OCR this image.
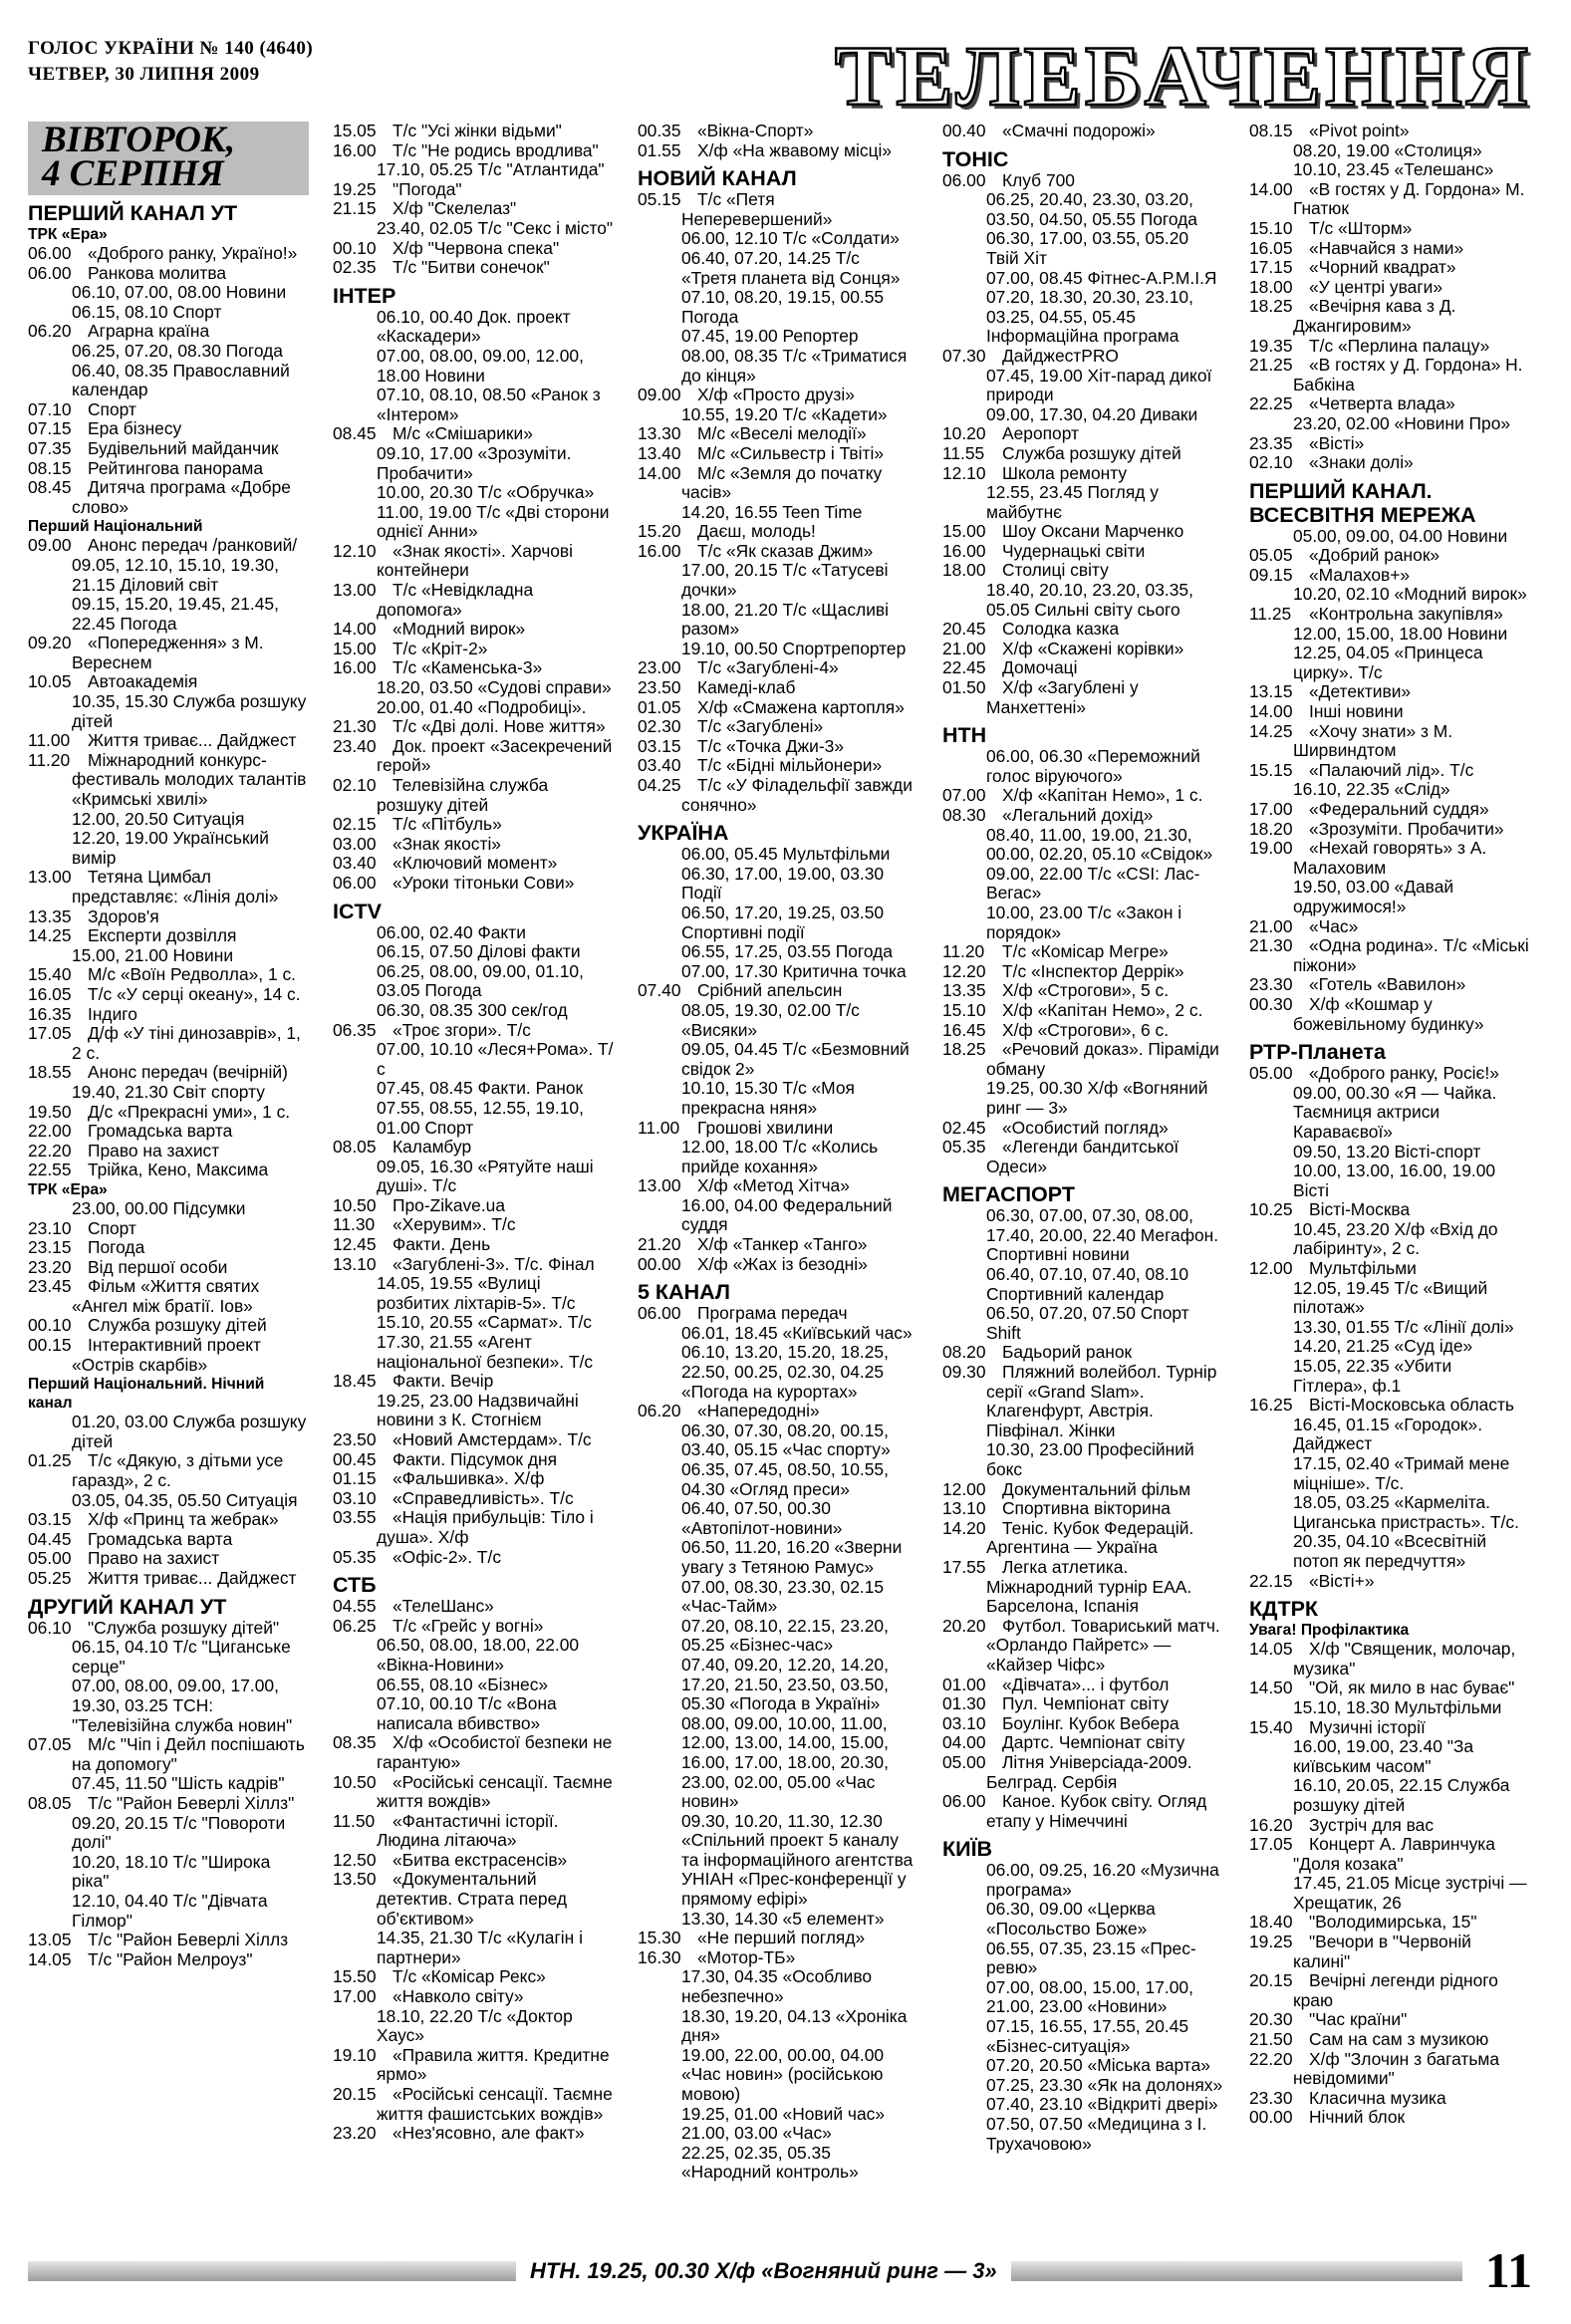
ГОЛОС УКРАЇНИ № 140 (4640)
ЧЕТВЕР, 30 ЛИПНЯ 2009	ТЕЛЕБАЧЕННЯ
ВІВТОРОК,
4 СЕРПНЯ
ПЕРШИЙ КАНАЛ УТ
ТРК «Ера»
06.00 «Доброго ранку, Україно!»
06.00 Ранкова молитва
06.10, 07.00, 08.00 Новини
06.15, 08.10 Спорт
06.20 Аграрна країна
06.25, 07.20, 08.30 Погода
06.40, 08.35 Православний календар
07.10 Спорт
07.15 Ера бізнесу
07.35 Будівельний майданчик
08.15 Рейтингова панорама
08.45 Дитяча програма «Добре слово»
Перший Національний
09.00 Анонс передач /ранковий/
09.05, 12.10, 15.10, 19.30, 21.15 Діловий світ
09.15, 15.20, 19.45, 21.45, 22.45 Погода
09.20 «Попередження» з М. Вереснем
10.05 Автоакадемія
10.35, 15.30 Служба розшуку дітей
11.00	Життя триває... Дайджест
11.20	Міжнародний конкурс-фестиваль молодих талантів «Кримські хвилі»
12.00, 20.50 Ситуація
12.20, 19.00 Український вимір
13.00 Тетяна Цимбал представляє: «Лінія долі»
13.35 Здоров'я
14.25 Експерти дозвілля
15.00, 21.00 Новини
15.40 М/с «Воїн Редволла», 1 с.
16.05 Т/с «У серці океану», 14 с.
16.35 Індиго
17.05 Д/ф «У тіні динозаврів», 1, 2 с.
18.55 Анонс передач (вечірній)
19.40, 21.30 Світ спорту
19.50 Д/с «Прекрасні уми», 1 с.
22.00 Громадська варта
22.20 Право на захист
22.55 Трійка, Кено, Максима
ТРК «Ера»
23.00, 00.00 Підсумки
23.10 Спорт
23.15 Погода
23.20 Від першої особи
23.45 Фільм «Життя святих «Ангел між братії. Іов»
00.10 Служба розшуку дітей
00.15 Інтерактивний проект «Острів скарбів»
Перший Національний. Нічний канал
01.20, 03.00 Служба розшуку дітей
01.25 Т/с «Дякую, з дітьми усе гаразд», 2 с.
03.05, 04.35, 05.50 Ситуація
03.15 Х/ф «Принц та жебрак»
04.45 Громадська варта
05.00 Право на захист
05.25 Життя триває... Дайджест
ДРУГИЙ КАНАЛ УТ
06.10 "Служба розшуку дітей"
06.15, 04.10 Т/с "Циганське серце"
07.00, 08.00, 09.00, 17.00, 19.30, 03.25 ТСН: "Телевізійна служба новин"
07.05 М/с "Чіп і Дейл поспішають на допомогу"
07.45, 11.50 "Шість кадрів"
08.05 Т/с "Район Беверлі Хіллз"
09.20, 20.15 Т/с "Повороти долі"
10.20, 18.10 Т/с "Широка ріка"
12.10, 04.40 Т/с "Дівчата Гілмор"
13.05 Т/с "Район Беверлі Хіллз
14.05 Т/с "Район Мелроуз"
15.05 Т/с "Усі жінки відьми"
16.00 Т/с "Не родись вродлива"
17.10, 05.25 Т/с "Атлантида"
19.25 "Погода"
21.15 Х/ф "Скелелаз"
23.40, 02.05 Т/с "Секс і місто"
00.10 Х/ф "Червона спека"
02.35 Т/с "Битви сонечок"
ІНТЕР
06.10, 00.40 Док. проект «Каскадери»
07.00, 08.00, 09.00, 12.00, 18.00 Новини
07.10, 08.10, 08.50 «Ранок з «Інтером»
08.45 М/с «Смішарики»
09.10, 17.00 «Зрозуміти. Пробачити»
10.00, 20.30 Т/с «Обручка»
11.00, 19.00 Т/с «Дві сторони однієї Анни»
12.10 «Знак якості». Харчові контейнери
13.00 Т/с «Невідкладна допомога»
14.00 «Модний вирок»
15.00 Т/с «Кріт-2»
16.00 Т/с «Каменська-3»
18.20, 03.50 «Судові справи»
20.00, 01.40 «Подробиці».
21.30 Т/с «Дві долі. Нове життя»
23.40 Док. проект «Засекречений герой»
02.10 Телевізійна служба розшуку дітей
02.15 Т/с «Пітбуль»
03.00 «Знак якості»
03.40 «Ключовий момент»
06.00 «Уроки тітоньки Сови»
ICTV
06.00, 02.40 Факти
06.15, 07.50 Ділові факти
06.25, 08.00, 09.00, 01.10, 03.05 Погода
06.30, 08.35 300 сек/год
06.35 «Троє згори». Т/с
07.00, 10.10 «Леся+Рома». Т/с
07.45, 08.45 Факти. Ранок
07.55, 08.55, 12.55, 19.10, 01.00 Спорт
08.05 Каламбур
09.05, 16.30 «Рятуйте наші душі». Т/с
10.50 Про-Zikave.ua
11.30	«Херувим». Т/с
12.45 Факти. День
13.10 «Загублені-3». Т/с. Фінал
14.05, 19.55 «Вулиці розбитих ліхтарів-5». Т/с
15.10, 20.55 «Сармат». Т/с
17.30, 21.55 «Агент національної безпеки». Т/с
18.45 Факти. Вечір
19.25, 23.00 Надзвичайні новини з К. Стогнієм
23.50 «Новий Амстердам». Т/с
00.45 Факти. Підсумок дня
01.15 «Фальшивка». Х/ф
03.10 «Справедливість». Т/с
03.55 «Нація прибульців: Тіло і душа». Х/ф
05.35 «Офіс-2». Т/с
СТБ
04.55 «ТелеШанс»
06.25 Т/с «Грейс у вогні»
06.50, 08.00, 18.00, 22.00 «Вікна-Новини»
06.55, 08.10 «Бізнес»
07.10, 00.10 Т/с «Вона написала вбивство»
08.35 Х/ф «Особистої безпеки не гарантую»
10.50 «Російські сенсації. Таємне життя вождів»
11.50	«Фантастичні історії. Людина літаючa»
12.50 «Битва екстрасенсів»
13.50 «Документальний детектив. Страта перед об'єктивом»
14.35, 21.30 Т/с «Кулагін і партнери»
15.50 Т/с «Комісар Рекс»
17.00 «Навколо світу»
18.10, 22.20 Т/с «Доктор Хаус»
19.10 «Правила життя. Кредитне ярмо»
20.15 «Російські сенсації. Таємне життя фашистських вождів»
23.20 «Нез'ясовно, але факт»
00.35 «Вікна-Спорт»
01.55 Х/ф «На жвавому місці»
НОВИЙ КАНАЛ
05.15 Т/с «Петя Неперевершений»
06.00, 12.10 Т/с «Солдати»
06.40, 07.20, 14.25 Т/с «Третя планета від Сонця»
07.10, 08.20, 19.15, 00.55 Погода
07.45, 19.00 Репортер
08.00, 08.35 Т/с «Триматися до кінця»
09.00 Х/ф «Просто друзі»
10.55, 19.20 Т/с «Кадети»
13.30 М/с «Веселі мелодії»
13.40 М/с «Сильвестр і Твіті»
14.00 М/с «Земля до початку часів»
14.20, 16.55 Teen Time
15.20 Даєш, молодь!
16.00 Т/с «Як сказав Джим»
17.00, 20.15 Т/с «Татусеві дочки»
18.00, 21.20 Т/с «Щасливі разом»
19.10, 00.50 Спортрепортер
23.00 Т/с «Загублені-4»
23.50 Камеді-клаб
01.05 Х/ф «Смажена картопля»
02.30 Т/с «Загублені»
03.15 Т/с «Точка Джи-3»
03.40 Т/с «Бідні мільйонери»
04.25 Т/с «У Філадельфії завжди сонячно»
УКРАЇНА
06.00, 05.45 Мультфільми
06.30, 17.00, 19.00, 03.30 Події
06.50, 17.20, 19.25, 03.50 Спортивні події
06.55, 17.25, 03.55 Погода
07.00, 17.30 Критична точка
07.40 Срібний апельсин
08.05, 19.30, 02.00 Т/с «Висяки»
09.05, 04.45 Т/с «Безмовний свідок 2»
10.10, 15.30 Т/с «Моя прекрасна няня»
11.00	Грошові хвилини
12.00, 18.00 Т/с «Колись прийде кохання»
13.00 Х/ф «Метод Хітча»
16.00, 04.00 Федеральний суддя
21.20 Х/ф «Танкер «Танго»
00.00 Х/ф «Жах із безодні»
5 КАНАЛ
06.00 Програма передач
06.01, 18.45 «Київський час»
06.10, 13.20, 15.20, 18.25, 22.50, 00.25, 02.30, 04.25 «Погода на курортах»
06.20 «Напередодні»
06.30, 07.30, 08.20, 00.15, 03.40, 05.15 «Час спорту»
06.35, 07.45, 08.50, 10.55, 04.30 «Огляд преси»
06.40, 07.50, 00.30 «Автопілот-новини»
06.50, 11.20, 16.20 «Зверни увагу з Тетяною Рамус»
07.00, 08.30, 23.30, 02.15 «Час-Тайм»
07.20, 08.10, 22.15, 23.20, 05.25 «Бізнес-час»
07.40, 09.20, 12.20, 14.20, 17.20, 21.50, 23.50, 03.50, 05.30 «Погода в Україні»
08.00, 09.00, 10.00, 11.00, 12.00, 13.00, 14.00, 15.00, 16.00, 17.00, 18.00, 20.30, 23.00, 02.00, 05.00 «Час новин»
09.30, 10.20, 11.30, 12.30 «Спільний проект 5 каналу та інформаційного агентства УНІАН «Прес-конференції у прямому ефірі»
13.30, 14.30 «5 елемент»
15.30 «Не перший погляд»
16.30 «Мотор-ТБ»
17.30, 04.35 «Особливо небезпечно»
18.30, 19.20, 04.13 «Хроніка дня»
19.00, 22.00, 00.00, 04.00 «Час новин» (російською мовою)
19.25, 01.00 «Новий час»
21.00, 03.00 «Час»
22.25, 02.35, 05.35 «Народний контроль»
00.40 «Смачні подорожі»
ТОНІС
06.00 Клуб 700
06.25, 20.40, 23.30, 03.20, 03.50, 04.50, 05.55 Погода
06.30, 17.00, 03.55, 05.20 Твій Хіт
07.00, 08.45 Фітнес-А.Р.М.І.Я
07.20, 18.30, 20.30, 23.10, 03.25, 04.55, 05.45 Інформаційна програма
07.30 ДайджестPRO
07.45, 19.00 Хіт-парад дикої природи
09.00, 17.30, 04.20 Диваки
10.20 Аеропорт
11.55	Служба розшуку дітей
12.10 Школа ремонту
12.55, 23.45 Погляд у майбутнє
15.00 Шоу Оксани Марченко
16.00 Чудернацькі світи
18.00 Столиці світу
18.40, 20.10, 23.20, 03.35, 05.05 Сильні світу сього
20.45 Солодка казка
21.00 Х/ф «Скажені корівки»
22.45 Домочаці
01.50 Х/ф «Загублені у Манхеттені»
НТН
06.00, 06.30 «Переможний голос віруючого»
07.00 Х/ф «Капітан Немо», 1 с.
08.30 «Легальний дохід»
08.40, 11.00, 19.00, 21.30, 00.00, 02.20, 05.10 «Свідок»
09.00, 22.00 Т/с «CSI: Лас-Вегас»
10.00, 23.00 Т/с «Закон і порядок»
11.20	Т/с «Комісар Мегре»
12.20 Т/с «Інспектор Деррік»
13.35 Х/ф «Строгови», 5 с.
15.10 Х/ф «Капітан Немо», 2 с.
16.45 Х/ф «Строгови», 6 с.
18.25 «Речовий доказ». Піраміди обману
19.25, 00.30 Х/ф «Вогняний ринг — 3»
02.45 «Особистий погляд»
05.35 «Легенди бандитської Одеси»
МЕГАСПОРТ
06.30, 07.00, 07.30, 08.00, 17.40, 20.00, 22.40 Мегафон. Спортивні новини
06.40, 07.10, 07.40, 08.10 Спортивний календар
06.50, 07.20, 07.50 Спорт Shift
08.20 Бадьорий ранок
09.30 Пляжний волейбол. Турнір серії «Grand Slam». Клагенфурт, Австрія. Півфінал. Жінки
10.30, 23.00 Професійний бокс
12.00 Документальний фільм
13.10 Спортивна вікторина
14.20 Теніс. Кубок Федерацій. Аргентина — Україна
17.55 Легка атлетика. Міжнародний турнір ЕАА. Барселона, Іспанія
20.20 Футбол. Товариський матч. «Орландо Пайретс» — «Кайзер Чіфс»
01.00 «Дівчата»... і футбол
01.30 Пул. Чемпіонат світу
03.10 Боулінг. Кубок Вебера
04.00 Дартс. Чемпіонат світу
05.00 Літня Універсіада-2009. Белград. Сербія
06.00 Каное. Кубок світу. Огляд етапу у Німеччині
КИЇВ
06.00, 09.25, 16.20 «Музична програма»
06.30, 09.00 «Церква «Посольство Боже»
06.55, 07.35, 23.15 «Прес-ревю»
07.00, 08.00, 15.00, 17.00, 21.00, 23.00 «Новини»
07.15, 16.55, 17.55, 20.45 «Бізнес-ситуація»
07.20, 20.50 «Міська варта»
07.25, 23.30 «Як на долонях»
07.40, 23.10 «Відкриті двері»
07.50, 07.50 «Медицина з І. Трухачовою»
08.15 «Pivot point»
08.20, 19.00 «Столиця»
10.10, 23.45 «Телешанс»
14.00 «В гостях у Д. Гордона» М. Гнатюк
15.10 Т/с «Шторм»
16.05 «Навчайся з нами»
17.15 «Чорний квадрат»
18.00 «У центрі уваги»
18.25 «Вечірня кава з Д. Джангировим»
19.35 Т/с «Перлина палацу»
21.25 «В гостях у Д. Гордона» Н. Бабкіна
22.25 «Четверта влада»
23.20, 02.00 «Новини Про»
23.35 «Вісті»
02.10 «Знаки долі»
ПЕРШИЙ КАНАЛ. ВСЕСВІТНЯ МЕРЕЖА
05.00, 09.00, 04.00 Новини
05.05 «Добрий ранок»
09.15 «Малахов+»
10.20, 02.10 «Модний вирок»
11.25	«Контрольна закупівля»
12.00, 15.00, 18.00 Новини
12.25, 04.05 «Принцеса цирку». Т/с
13.15 «Детективи»
14.00 Інші новини
14.25 «Хочу знати» з М. Ширвиндтом
15.15 «Палаючий лід». Т/с
16.10, 22.35 «Слід»
17.00 «Федеральний суддя»
18.20 «Зрозуміти. Пробачити»
19.00 «Нехай говорять» з А. Малаховим
19.50, 03.00 «Давай одружимося!»
21.00 «Час»
21.30 «Одна родина». Т/с «Міські піжони»
23.30 «Готель «Вавилон»
00.30 Х/ф «Кошмар у божевільному будинку»
РТР-Планета
05.00 «Доброго ранку, Росіє!»
09.00, 00.30 «Я — Чайка. Таємниця актриси Караваєвої»
09.50, 13.20 Вісті-спорт
10.00, 13.00, 16.00, 19.00 Вісті
10.25 Вісті-Москва
10.45, 23.20 Х/ф «Вхід до лабіринту», 2 с.
12.00 Мультфільми
12.05, 19.45 Т/с «Вищий пілотаж»
13.30, 01.55 Т/с «Лінії долі»
14.20, 21.25 «Суд іде»
15.05, 22.35 «Убити Гітлера», ф.1
16.25 Вісті-Московська область
16.45, 01.15 «Городок». Дайджест
17.15, 02.40 «Тримай мене міцніше». Т/с.
18.05, 03.25 «Кармеліта. Циганська пристрасть». Т/с.
20.35, 04.10 «Всесвітній потоп як передчуття»
22.15 «Вісті+»
КДТРК
Увага! Профілактика
14.05 Х/ф "Священик, молочар, музика"
14.50 "Ой, як мило в нас буває"
15.10, 18.30 Мультфільми
15.40 Музичні історії
16.00, 19.00, 23.40 "За київським часом"
16.10, 20.05, 22.15 Служба розшуку дітей
16.20 Зустріч для вас
17.05 Концерт А. Лавринчука "Доля козака"
17.45, 21.05 Місце зустрічі — Хрещатик, 26
18.40 "Володимирська, 15"
19.25 "Вечори в "Червоній калині"
20.15 Вечірні легенди рідного краю
20.30 "Час країни"
21.50 Сам на сам з музикою
22.20 Х/ф "Злочин з багатьма невідомими"
23.30 Класична музика
00.00 Нічний блок
НТН. 19.25, 00.30 Х/ф «Вогняний ринг — 3»	11
